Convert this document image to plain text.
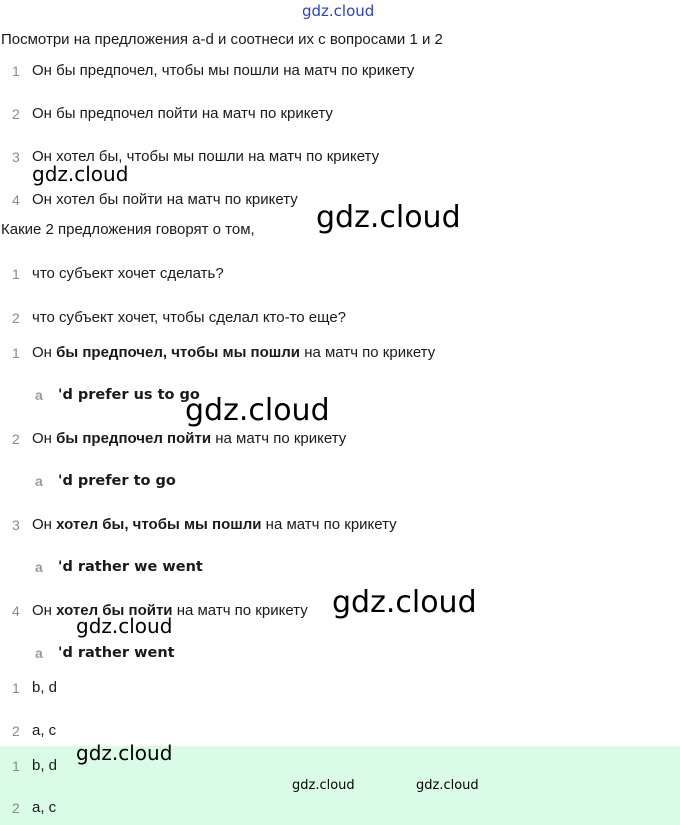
gdz.cloud
Посмотри на предложения a-d и соотнеси их с вопросами 1 и 2
1 Он бы предпочел, чтобы мы пошли на матч по крикету
2 Он бы предпочел пойти на матч по крикету
3 Он хотел бы, чтобы мы пошли на матч по крикету
4 Он хотел бы пойти на матч по крикету
Какие 2 предложения говорят о том,
1 что субъект хочет сделать?
2 что субъект хочет, чтобы сделал кто-то еще?
1 Он бы предпочел, чтобы мы пошли на матч по крикету
a 'd prefer us to go
2 Он бы предпочел пойти на матч по крикету
a 'd prefer to go
3 Он хотел бы, чтобы мы пошли на матч по крикету
a 'd rather we went
4 Он хотел бы пойти на матч по крикету
a 'd rather went
1 b, d
2 a, c
1 b, d
2 a, c
gdz.cloud
gdz.cloud
gdz.cloud
gdz.cloud
gdz.cloud
gdz.cloud
gdz.cloud	gdz.cloud
